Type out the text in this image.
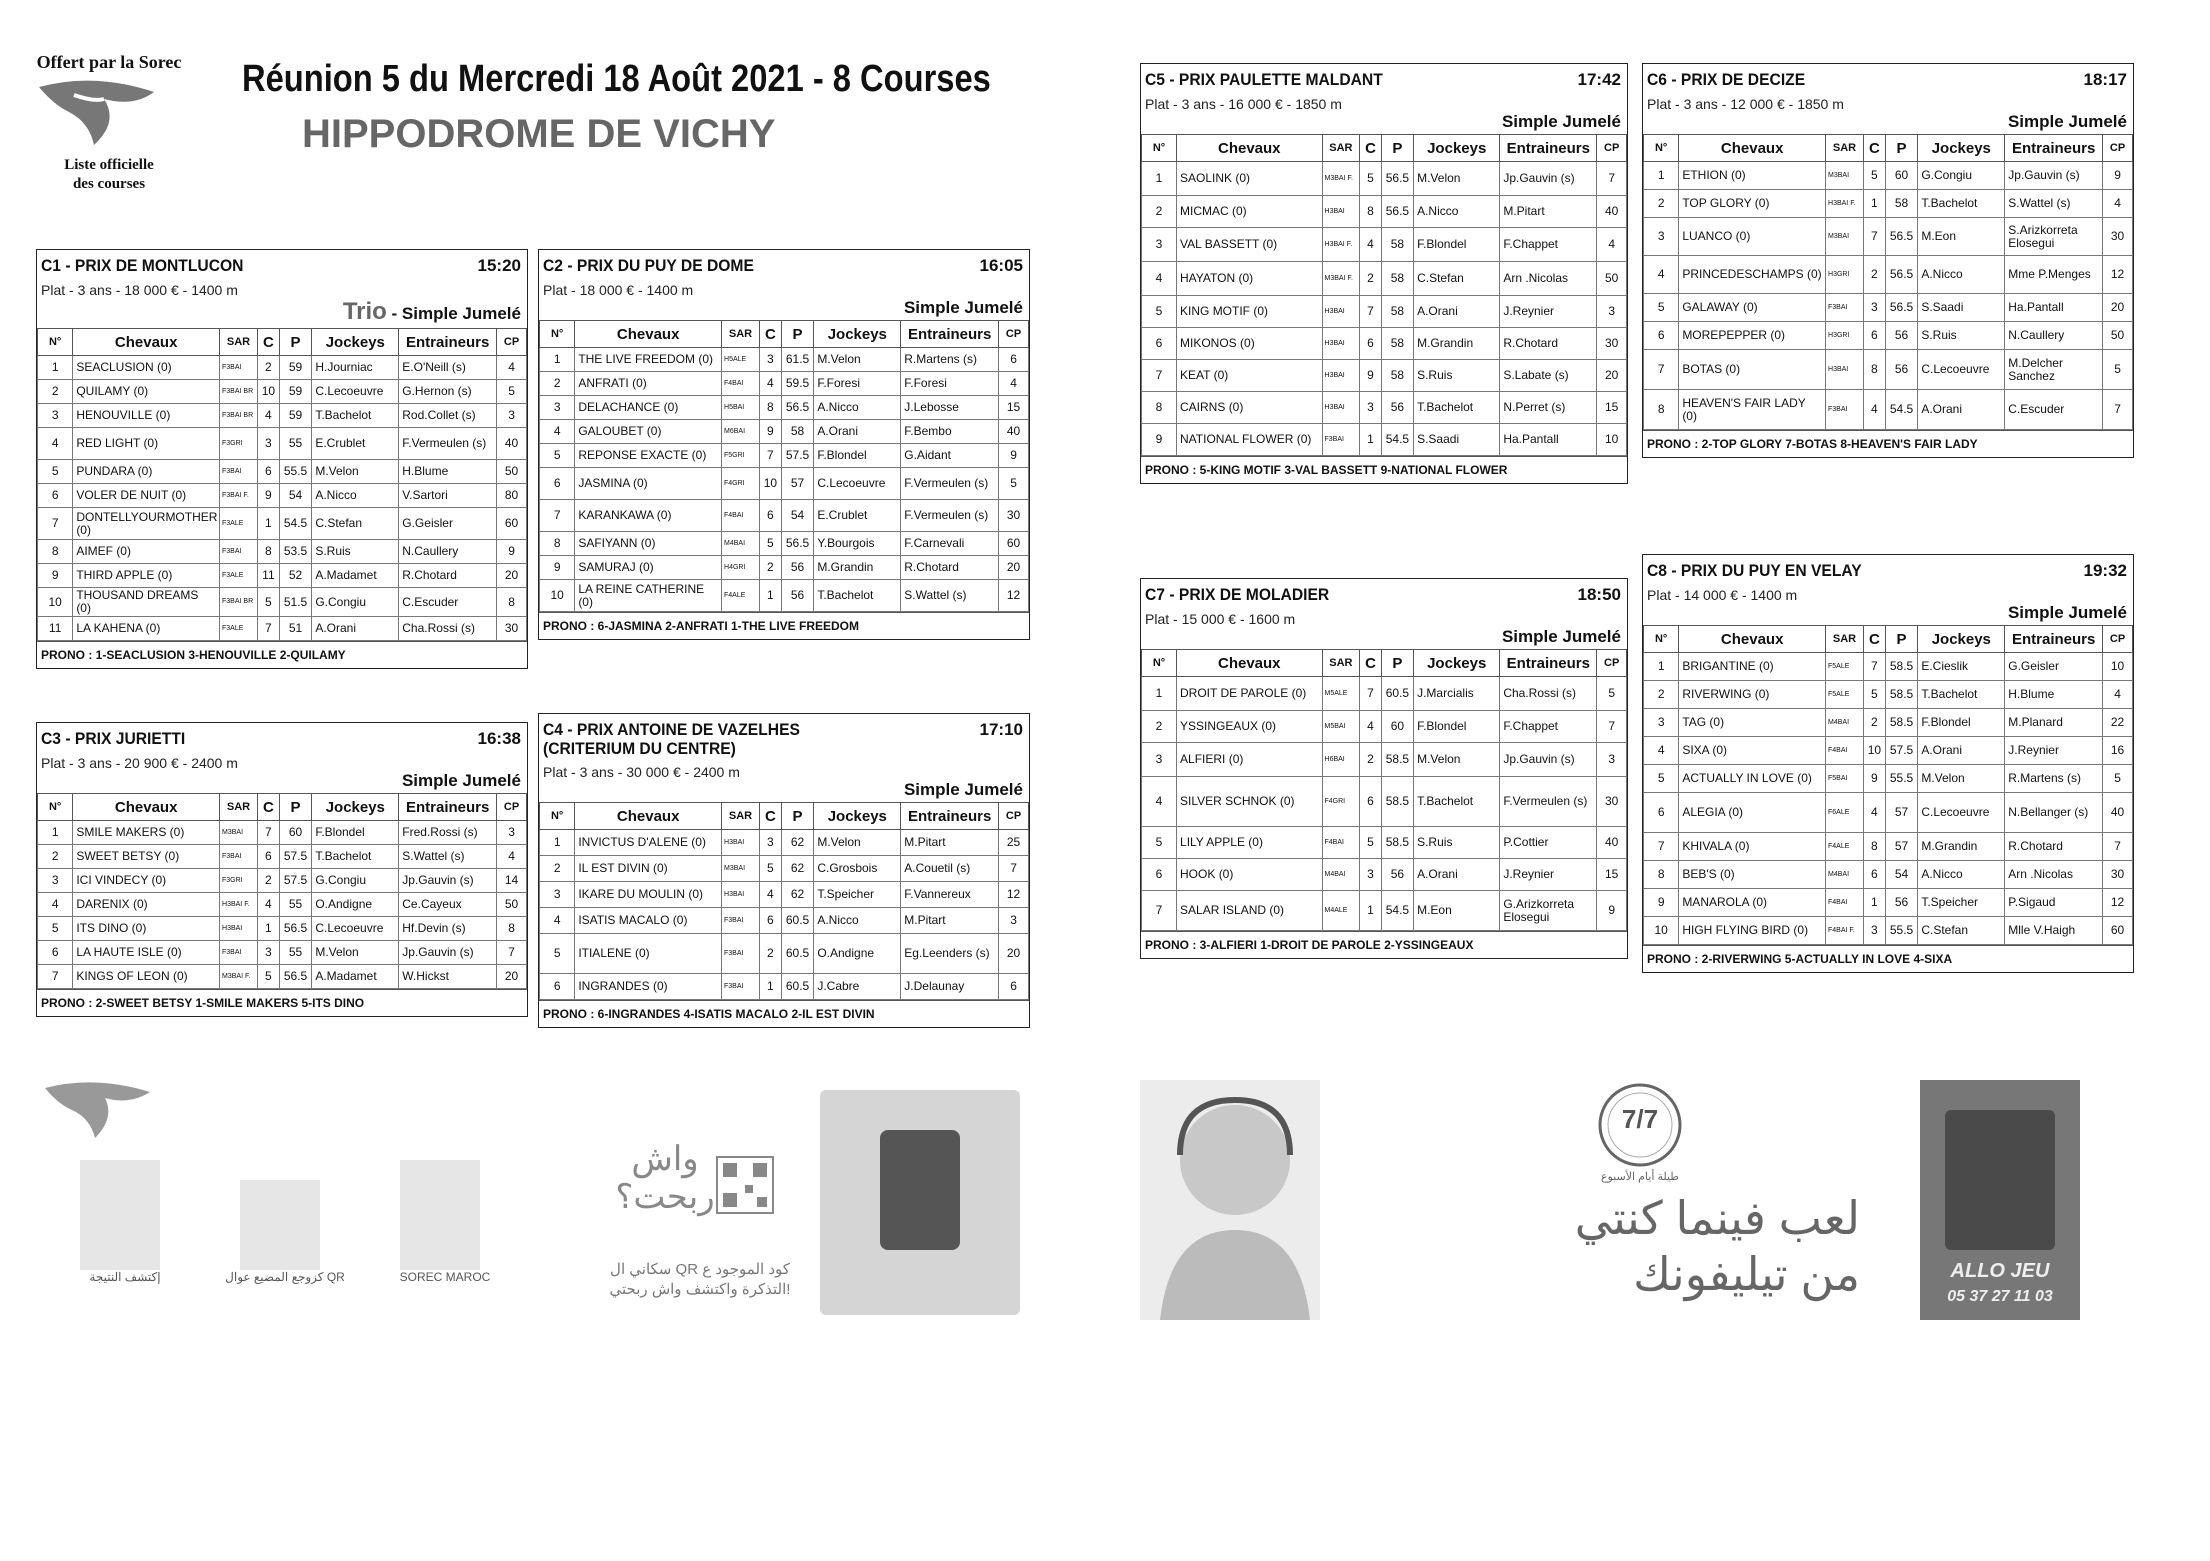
Offert par la Sorec
Liste officielle
des courses
Réunion 5 du Mercredi 18 Août 2021 - 8 Courses
HIPPODROME DE VICHY
C1 - PRIX DE MONTLUCON	15:20
Plat - 3 ans - 18 000 € - 1400 m
Trio - Simple Jumelé
N°	Chevaux	SAR	C	P	Jockeys	Entraineurs	CP
1	SEACLUSION (0)	F3BAI	2	59	H.Journiac	E.O'Neill (s)	4
2	QUILAMY (0)	F3BAI BR	10	59	C.Lecoeuvre	G.Hernon (s)	5
3	HENOUVILLE (0)	F3BAI BR	4	59	T.Bachelot	Rod.Collet (s)	3
4	RED LIGHT (0)	F3GRI	3	55	E.Crublet	F.Vermeulen (s)	40
5	PUNDARA (0)	F3BAI	6	55.5	M.Velon	H.Blume	50
6	VOLER DE NUIT (0)	F3BAI F.	9	54	A.Nicco	V.Sartori	80
7	DONTELLYOURMOTHER (0)	F3ALE	1	54.5	C.Stefan	G.Geisler	60
8	AIMEF (0)	F3BAI	8	53.5	S.Ruis	N.Caullery	9
9	THIRD APPLE (0)	F3ALE	11	52	A.Madamet	R.Chotard	20
10	THOUSAND DREAMS (0)	F3BAI BR	5	51.5	G.Congiu	C.Escuder	8
11	LA KAHENA (0)	F3ALE	7	51	A.Orani	Cha.Rossi (s)	30
PRONO : 1-SEACLUSION 3-HENOUVILLE 2-QUILAMY
C2 - PRIX DU PUY DE DOME	16:05
Plat - 18 000 € - 1400 m
Simple Jumelé
N°	Chevaux	SAR	C	P	Jockeys	Entraineurs	CP
1	THE LIVE FREEDOM (0)	H5ALE	3	61.5	M.Velon	R.Martens (s)	6
2	ANFRATI (0)	F4BAI	4	59.5	F.Foresi	F.Foresi	4
3	DELACHANCE (0)	H5BAI	8	56.5	A.Nicco	J.Lebosse	15
4	GALOUBET (0)	M6BAI	9	58	A.Orani	F.Bembo	40
5	REPONSE EXACTE (0)	F5GRI	7	57.5	F.Blondel	G.Aidant	9
6	JASMINA (0)	F4GRI	10	57	C.Lecoeuvre	F.Vermeulen (s)	5
7	KARANKAWA (0)	F4BAI	6	54	E.Crublet	F.Vermeulen (s)	30
8	SAFIYANN (0)	M4BAI	5	56.5	Y.Bourgois	F.Carnevali	60
9	SAMURAJ (0)	H4GRI	2	56	M.Grandin	R.Chotard	20
10	LA REINE CATHERINE (0)	F4ALE	1	56	T.Bachelot	S.Wattel (s)	12
PRONO : 6-JASMINA 2-ANFRATI 1-THE LIVE FREEDOM
C3 - PRIX JURIETTI	16:38
Plat - 3 ans - 20 900 € - 2400 m
Simple Jumelé
N°	Chevaux	SAR	C	P	Jockeys	Entraineurs	CP
1	SMILE MAKERS (0)	M3BAI	7	60	F.Blondel	Fred.Rossi (s)	3
2	SWEET BETSY (0)	F3BAI	6	57.5	T.Bachelot	S.Wattel (s)	4
3	ICI VINDECY (0)	F3GRI	2	57.5	G.Congiu	Jp.Gauvin (s)	14
4	DARENIX (0)	H3BAI F.	4	55	O.Andigne	Ce.Cayeux	50
5	ITS DINO (0)	H3BAI	1	56.5	C.Lecoeuvre	Hf.Devin (s)	8
6	LA HAUTE ISLE (0)	F3BAI	3	55	M.Velon	Jp.Gauvin (s)	7
7	KINGS OF LEON (0)	M3BAI F.	5	56.5	A.Madamet	W.Hickst	20
PRONO : 2-SWEET BETSY 1-SMILE MAKERS 5-ITS DINO
C4 - PRIX ANTOINE DE VAZELHES
(CRITERIUM DU CENTRE)
17:10
Plat - 3 ans - 30 000 € - 2400 m
Simple Jumelé
N°	Chevaux	SAR	C	P	Jockeys	Entraineurs	CP
1	INVICTUS D'ALENE (0)	H3BAI	3	62	M.Velon	M.Pitart	25
2	IL EST DIVIN (0)	M3BAI	5	62	C.Grosbois	A.Couetil (s)	7
3	IKARE DU MOULIN (0)	H3BAI	4	62	T.Speicher	F.Vannereux	12
4	ISATIS MACALO (0)	F3BAI	6	60.5	A.Nicco	M.Pitart	3
5	ITIALENE (0)	F3BAI	2	60.5	O.Andigne	Eg.Leenders (s)	20
6	INGRANDES (0)	F3BAI	1	60.5	J.Cabre	J.Delaunay	6
PRONO : 6-INGRANDES 4-ISATIS MACALO 2-IL EST DIVIN
C5 - PRIX PAULETTE MALDANT	17:42
Plat - 3 ans - 16 000 € - 1850 m
Simple Jumelé
N°	Chevaux	SAR	C	P	Jockeys	Entraineurs	CP
1	SAOLINK (0)	M3BAI F.	5	56.5	M.Velon	Jp.Gauvin (s)	7
2	MICMAC (0)	H3BAI	8	56.5	A.Nicco	M.Pitart	40
3	VAL BASSETT (0)	H3BAI F.	4	58	F.Blondel	F.Chappet	4
4	HAYATON (0)	M3BAI F.	2	58	C.Stefan	Arn .Nicolas	50
5	KING MOTIF (0)	H3BAI	7	58	A.Orani	J.Reynier	3
6	MIKONOS (0)	H3BAI	6	58	M.Grandin	R.Chotard	30
7	KEAT (0)	H3BAI	9	58	S.Ruis	S.Labate (s)	20
8	CAIRNS (0)	H3BAI	3	56	T.Bachelot	N.Perret (s)	15
9	NATIONAL FLOWER (0)	F3BAI	1	54.5	S.Saadi	Ha.Pantall	10
PRONO : 5-KING MOTIF 3-VAL BASSETT 9-NATIONAL FLOWER
C6 - PRIX DE DECIZE	18:17
Plat - 3 ans - 12 000 € - 1850 m
Simple Jumelé
N°	Chevaux	SAR	C	P	Jockeys	Entraineurs	CP
1	ETHION (0)	M3BAI	5	60	G.Congiu	Jp.Gauvin (s)	9
2	TOP GLORY (0)	H3BAI F.	1	58	T.Bachelot	S.Wattel (s)	4
3	LUANCO (0)	M3BAI	7	56.5	M.Eon	S.Arizkorreta Elosegui	30
4	PRINCEDESCHAMPS (0)	H3GRI	2	56.5	A.Nicco	Mme P.Menges	12
5	GALAWAY (0)	F3BAI	3	56.5	S.Saadi	Ha.Pantall	20
6	MOREPEPPER (0)	H3GRI	6	56	S.Ruis	N.Caullery	50
7	BOTAS (0)	H3BAI	8	56	C.Lecoeuvre	M.Delcher Sanchez	5
8	HEAVEN'S FAIR LADY (0)	F3BAI	4	54.5	A.Orani	C.Escuder	7
PRONO : 2-TOP GLORY 7-BOTAS 8-HEAVEN'S FAIR LADY
C7 - PRIX DE MOLADIER	18:50
Plat - 15 000 € - 1600 m
Simple Jumelé
N°	Chevaux	SAR	C	P	Jockeys	Entraineurs	CP
1	DROIT DE PAROLE (0)	M5ALE	7	60.5	J.Marcialis	Cha.Rossi (s)	5
2	YSSINGEAUX (0)	M5BAI	4	60	F.Blondel	F.Chappet	7
3	ALFIERI (0)	H6BAI	2	58.5	M.Velon	Jp.Gauvin (s)	3
4	SILVER SCHNOK (0)	F4GRI	6	58.5	T.Bachelot	F.Vermeulen (s)	30
5	LILY APPLE (0)	F4BAI	5	58.5	S.Ruis	P.Cottier	40
6	HOOK (0)	M4BAI	3	56	A.Orani	J.Reynier	15
7	SALAR ISLAND (0)	M4ALE	1	54.5	M.Eon	G.Arizkorreta Elosegui	9
PRONO : 3-ALFIERI 1-DROIT DE PAROLE 2-YSSINGEAUX
C8 - PRIX DU PUY EN VELAY	19:32
Plat - 14 000 € - 1400 m
Simple Jumelé
N°	Chevaux	SAR	C	P	Jockeys	Entraineurs	CP
1	BRIGANTINE (0)	F5ALE	7	58.5	E.Cieslik	G.Geisler	10
2	RIVERWING (0)	F5ALE	5	58.5	T.Bachelot	H.Blume	4
3	TAG (0)	M4BAI	2	58.5	F.Blondel	M.Planard	22
4	SIXA (0)	F4BAI	10	57.5	A.Orani	J.Reynier	16
5	ACTUALLY IN LOVE (0)	F5BAI	9	55.5	M.Velon	R.Martens (s)	5
6	ALEGIA (0)	F6ALE	4	57	C.Lecoeuvre	N.Bellanger (s)	40
7	KHIVALA (0)	F4ALE	8	57	M.Grandin	R.Chotard	7
8	BEB'S (0)	M4BAI	6	54	A.Nicco	Arn .Nicolas	30
9	MANAROLA (0)	F4BAI	1	56	T.Speicher	P.Sigaud	12
10	HIGH FLYING BIRD (0)	F4BAI F.	3	55.5	C.Stefan	Mlle V.Haigh	60
PRONO : 2-RIVERWING 5-ACTUALLY IN LOVE 4-SIXA
إكتشف النتيجة	كزوجع المضيع عوال QR	SOREC MAROC
واش
ربحت؟
سكاني ال QR كود الموجود ع
التذكرة واكتشف واش ربحتي!
7/7
طيلة أيام الأسبوع
لعب فينما كنتي
من تيليفونك	ALLO JEU
05 37 27 11 03
